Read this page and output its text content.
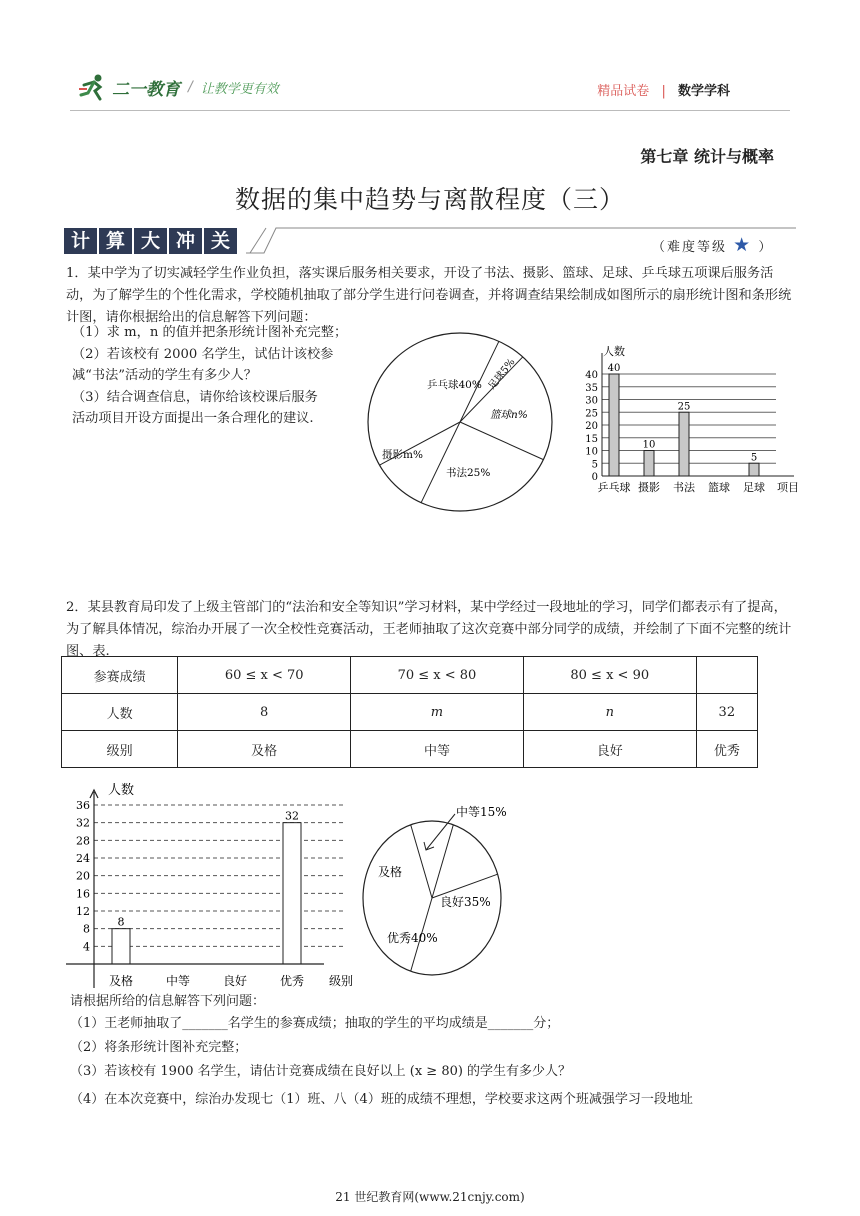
二一教育 / 让教学更有效	精品试卷 | 数学学科
第七章 统计与概率
数据的集中趋势与离散程度（三）
计 算 大 冲 关	（难度等级 ★ ）
1．某中学为了切实减轻学生作业负担，落实课后服务相关要求，开设了书法、摄影、篮球、足球、乒乓球五项课后服务活动，为了解学生的个性化需求，学校随机抽取了部分学生进行问卷调查，并将调查结果绘制成如图所示的扇形统计图和条形统计图，请你根据给出的信息解答下列问题：
（1）求 m，n 的值并把条形统计图补充完整；
（2）若该校有 2000 名学生，试估计该校参
减“书法”活动的学生有多少人？
（3）结合调查信息，请你给该校课后服务
活动项目开设方面提出一条合理化的建议.
乒乓球40% 足球5%
篮球n%
书法25%
摄影m%
人数
40
10
25
5
0
5
10
15
20
25
30
35
40
乒乓球 摄影 书法 篮球 足球 项目
2．某县教育局印发了上级主管部门的“法治和安全等知识”学习材料，某中学经过一段地址的学习，同学们都表示有了提高，为了解具体情况，综治办开展了一次全校性竞赛活动，王老师抽取了这次竞赛中部分同学的成绩，并绘制了下面不完整的统计图、表.
参赛成绩	60 ≤ x < 70	70 ≤ x < 80	80 ≤ x < 90	
人数	8	m	n	32
级别	及格	中等	良好	优秀
人数
8
32
4
8
12
16
20
24
28
32
36
及格	中等	良好	优秀 级别
中等15%
良好35%
优秀40%
及格
请根据所给的信息解答下列问题：
（1）王老师抽取了_______名学生的参赛成绩；抽取的学生的平均成绩是_______分；
（2）将条形统计图补充完整；
（3）若该校有 1900 名学生，请估计竞赛成绩在良好以上 (x ≥ 80) 的学生有多少人？
（4）在本次竞赛中，综治办发现七（1）班、八（4）班的成绩不理想，学校要求这两个班减强学习一段地址
21 世纪教育网(www.21cnjy.com)
